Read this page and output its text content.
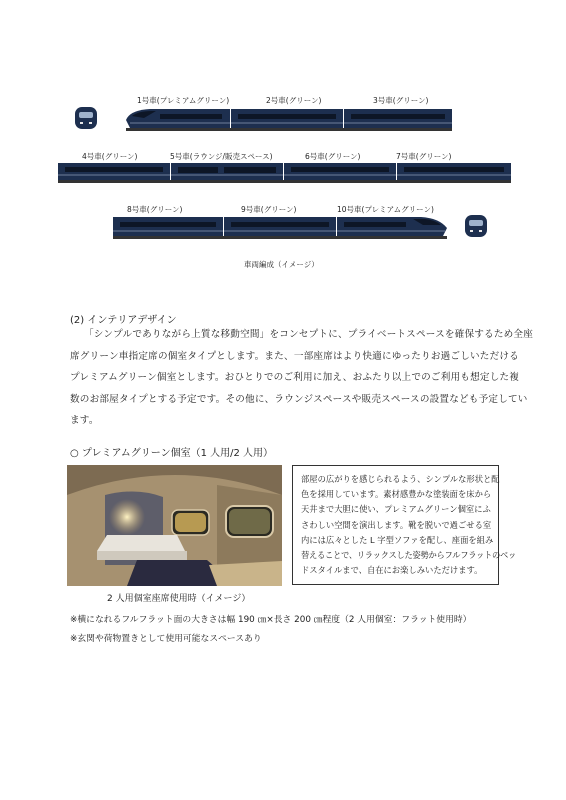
1号車(プレミアムグリーン)	2号車(グリーン)	3号車(グリーン)
4号車(グリーン)	5号車(ラウンジ/販売スペース)	6号車(グリーン)	7号車(グリーン)
8号車(グリーン)	9号車(グリーン)	10号車(プレミアムグリーン)
車両編成（イメージ）
(2) インテリアデザイン
「シンプルでありながら上質な移動空間」をコンセプトに、プライベートスペースを確保するため全座
席グリーン車指定席の個室タイプとします。また、一部座席はより快適にゆったりお過ごしいただける
プレミアムグリーン個室とします。おひとりでのご利用に加え、おふたり以上でのご利用も想定した複
数のお部屋タイプとする予定です。その他に、ラウンジスペースや販売スペースの設置なども予定してい
ます。
○ プレミアムグリーン個室（1 人用/2 人用）
2 人用個室座席使用時（イメージ）
部屋の広がりを感じられるよう、シンプルな形状と配
色を採用しています。素材感豊かな塗装面を床から
天井まで大胆に使い、プレミアムグリーン個室にふ
さわしい空間を演出します。靴を脱いで過ごせる室
内には広々とした L 字型ソファを配し、座面を組み
替えることで、リラックスした姿勢からフルフラットのベッ
ドスタイルまで、自在にお楽しみいただけます。
※横になれるフルフラット面の大きさは幅 190 ㎝×長さ 200 ㎝程度（2 人用個室：フラット使用時）
※玄関や荷物置きとして使用可能なスペースあり
